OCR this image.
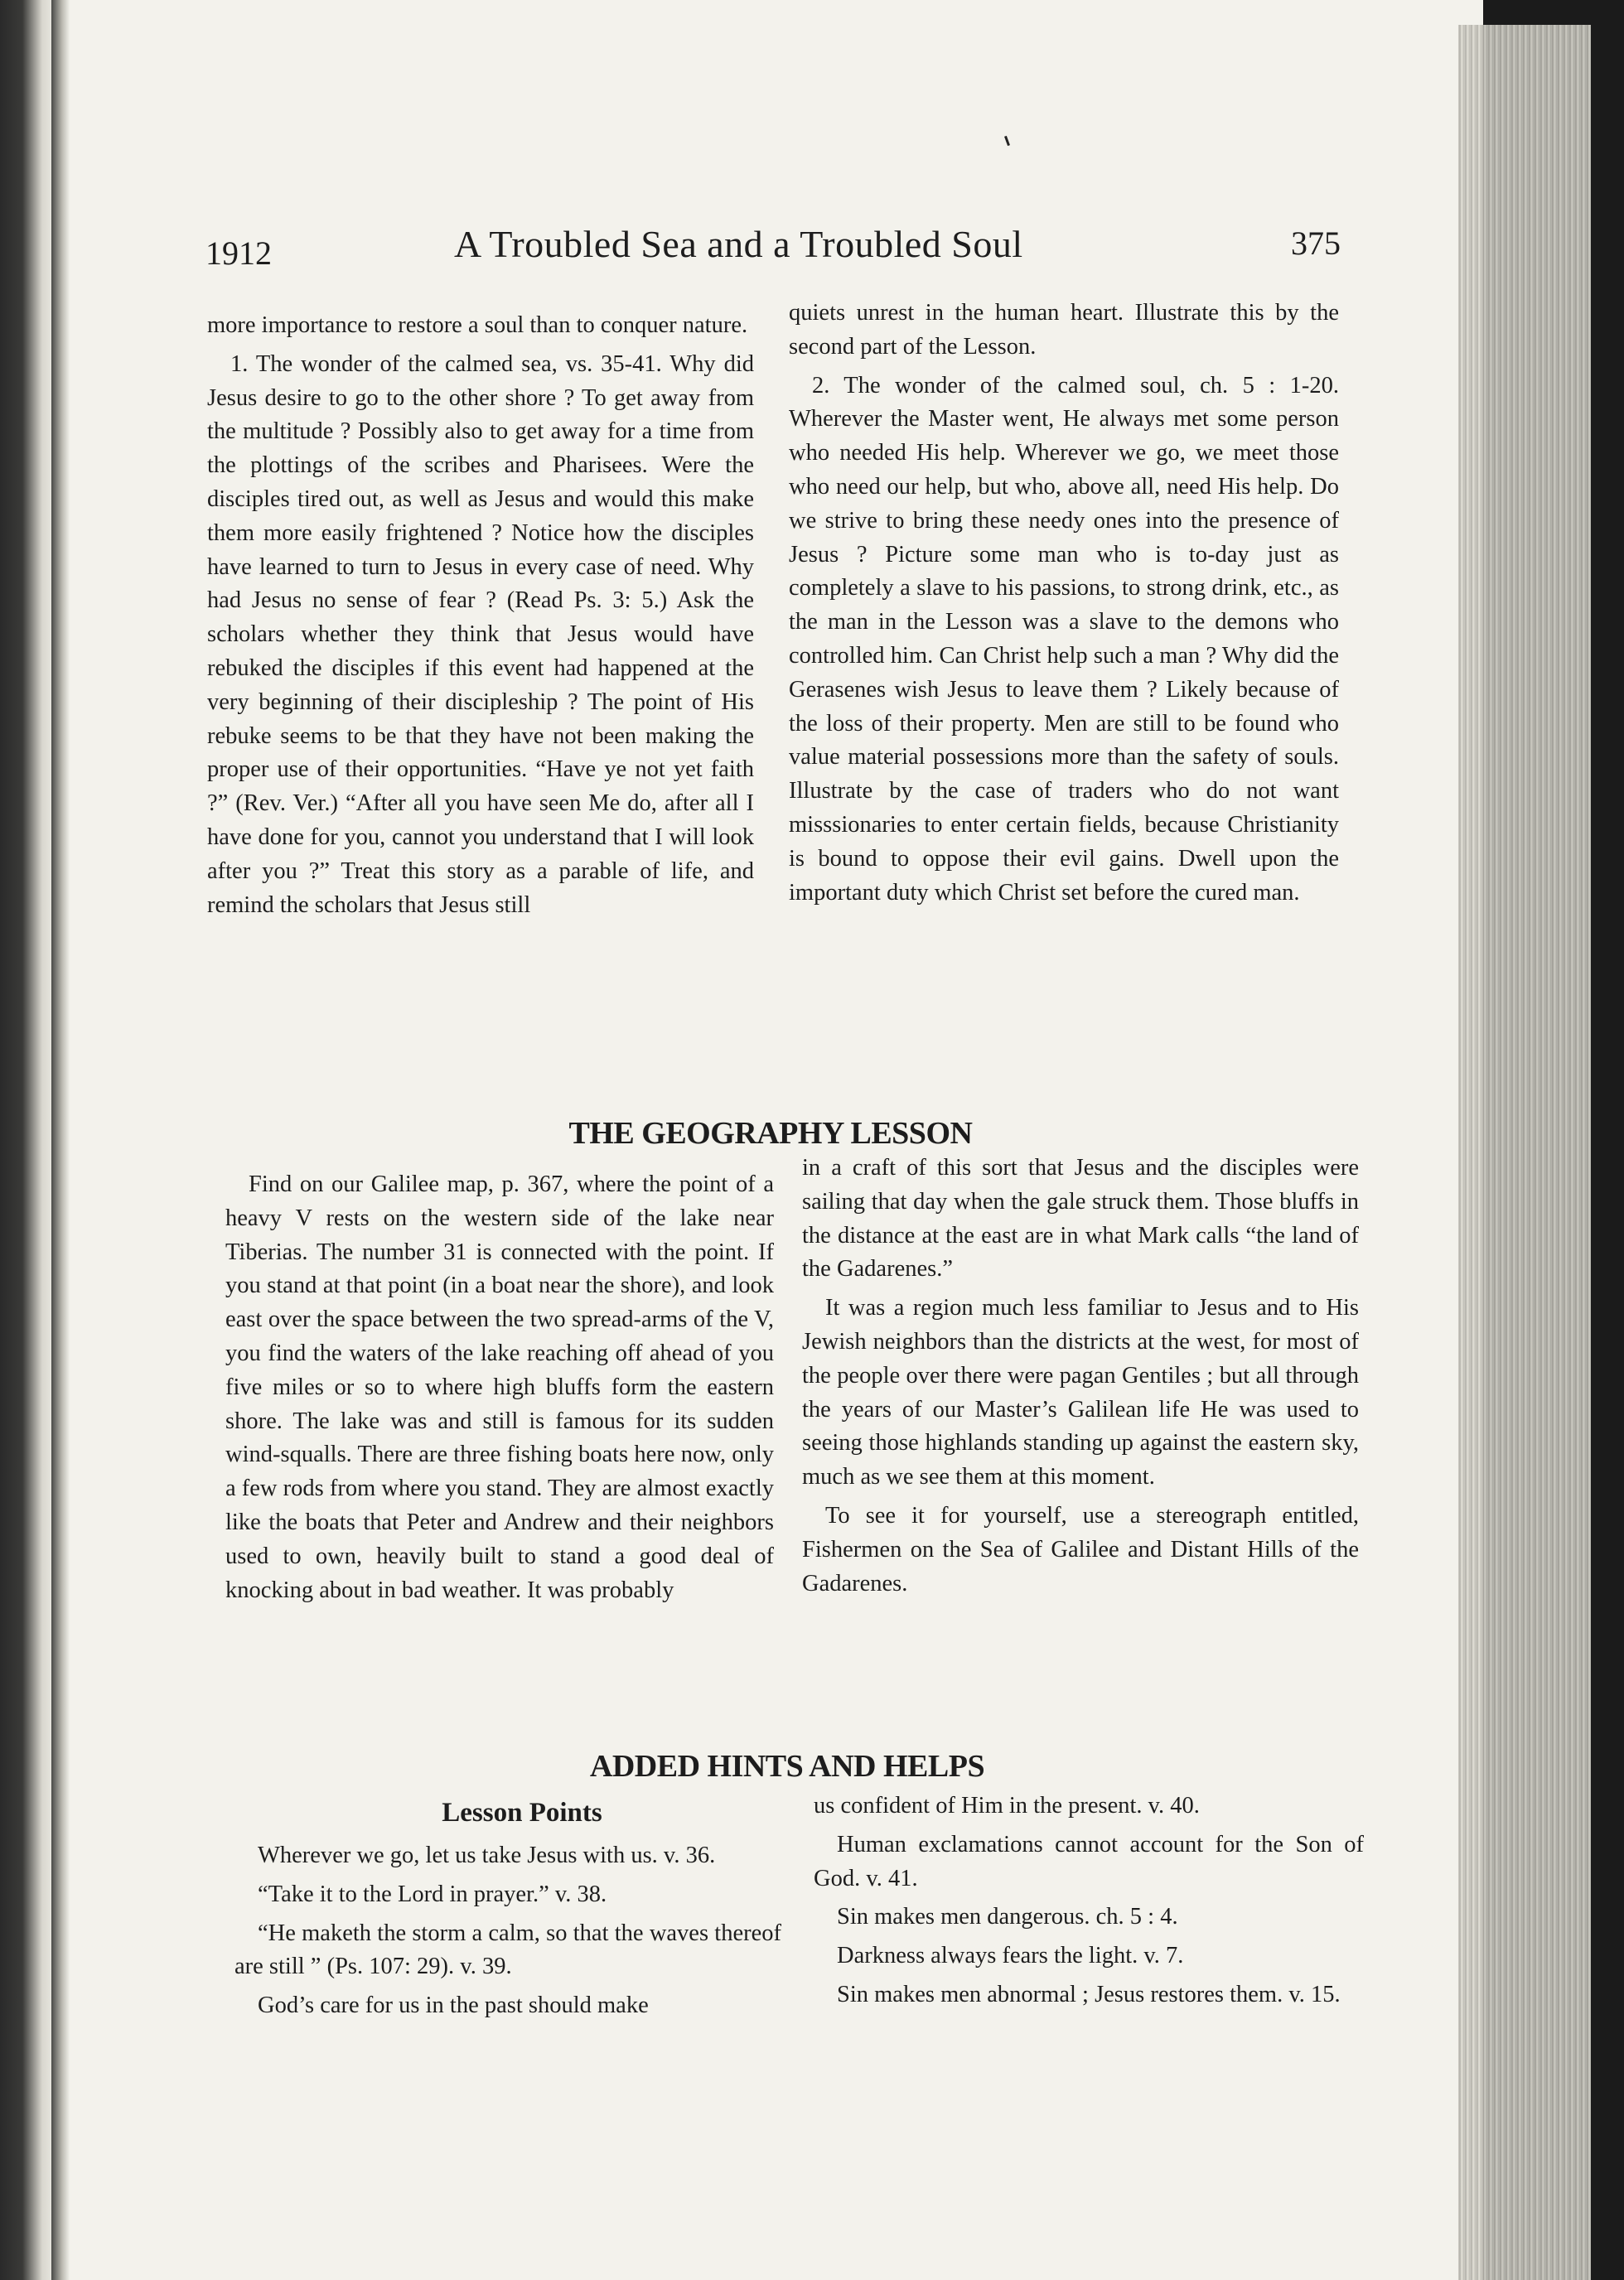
1912	A Troubled Sea and a Troubled Soul	375

more importance to restore a soul than to conquer nature.

1. The wonder of the calmed sea, vs. 35-41. Why did Jesus desire to go to the other shore ? To get away from the multitude ? Possibly also to get away for a time from the plottings of the scribes and Pharisees. Were the disciples tired out, as well as Jesus and would this make them more easily frightened ? Notice how the disciples have learned to turn to Jesus in every case of need. Why had Jesus no sense of fear ? (Read Ps. 3: 5.) Ask the scholars whether they think that Jesus would have rebuked the disciples if this event had happened at the very beginning of their discipleship ? The point of His rebuke seems to be that they have not been making the proper use of their opportunities. “Have ye not yet faith ?” (Rev. Ver.) “After all you have seen Me do, after all I have done for you, cannot you understand that I will look after you ?” Treat this story as a parable of life, and remind the scholars that Jesus still

quiets unrest in the human heart. Illustrate this by the second part of the Lesson.

2. The wonder of the calmed soul, ch. 5 : 1-20. Wherever the Master went, He always met some person who needed His help. Wherever we go, we meet those who need our help, but who, above all, need His help. Do we strive to bring these needy ones into the presence of Jesus ? Picture some man who is to-day just as completely a slave to his passions, to strong drink, etc., as the man in the Lesson was a slave to the demons who controlled him. Can Christ help such a man ? Why did the Gerasenes wish Jesus to leave them ? Likely because of the loss of their property. Men are still to be found who value material possessions more than the safety of souls. Illustrate by the case of traders who do not want misssionaries to enter certain fields, because Christianity is bound to oppose their evil gains. Dwell upon the important duty which Christ set before the cured man.

THE GEOGRAPHY LESSON

Find on our Galilee map, p. 367, where the point of a heavy V rests on the western side of the lake near Tiberias. The number 31 is connected with the point. If you stand at that point (in a boat near the shore), and look east over the space between the two spread-arms of the V, you find the waters of the lake reaching off ahead of you five miles or so to where high bluffs form the eastern shore. The lake was and still is famous for its sudden wind-squalls. There are three fishing boats here now, only a few rods from where you stand. They are almost exactly like the boats that Peter and Andrew and their neighbors used to own, heavily built to stand a good deal of knocking about in bad weather. It was probably

in a craft of this sort that Jesus and the disciples were sailing that day when the gale struck them. Those bluffs in the distance at the east are in what Mark calls “the land of the Gadarenes.”

It was a region much less familiar to Jesus and to His Jewish neighbors than the districts at the west, for most of the people over there were pagan Gentiles ; but all through the years of our Master’s Galilean life He was used to seeing those highlands standing up against the eastern sky, much as we see them at this moment.

To see it for yourself, use a stereograph entitled, Fishermen on the Sea of Galilee and Distant Hills of the Gadarenes.

ADDED HINTS AND HELPS
Lesson Points

Wherever we go, let us take Jesus with us. v. 36.

“Take it to the Lord in prayer.” v. 38.

“He maketh the storm a calm, so that the waves thereof are still ” (Ps. 107: 29). v. 39.

God’s care for us in the past should make

us confident of Him in the present. v. 40.

Human exclamations cannot account for the Son of God. v. 41.

Sin makes men dangerous. ch. 5 : 4.

Darkness always fears the light. v. 7.

Sin makes men abnormal ; Jesus restores them. v. 15.
